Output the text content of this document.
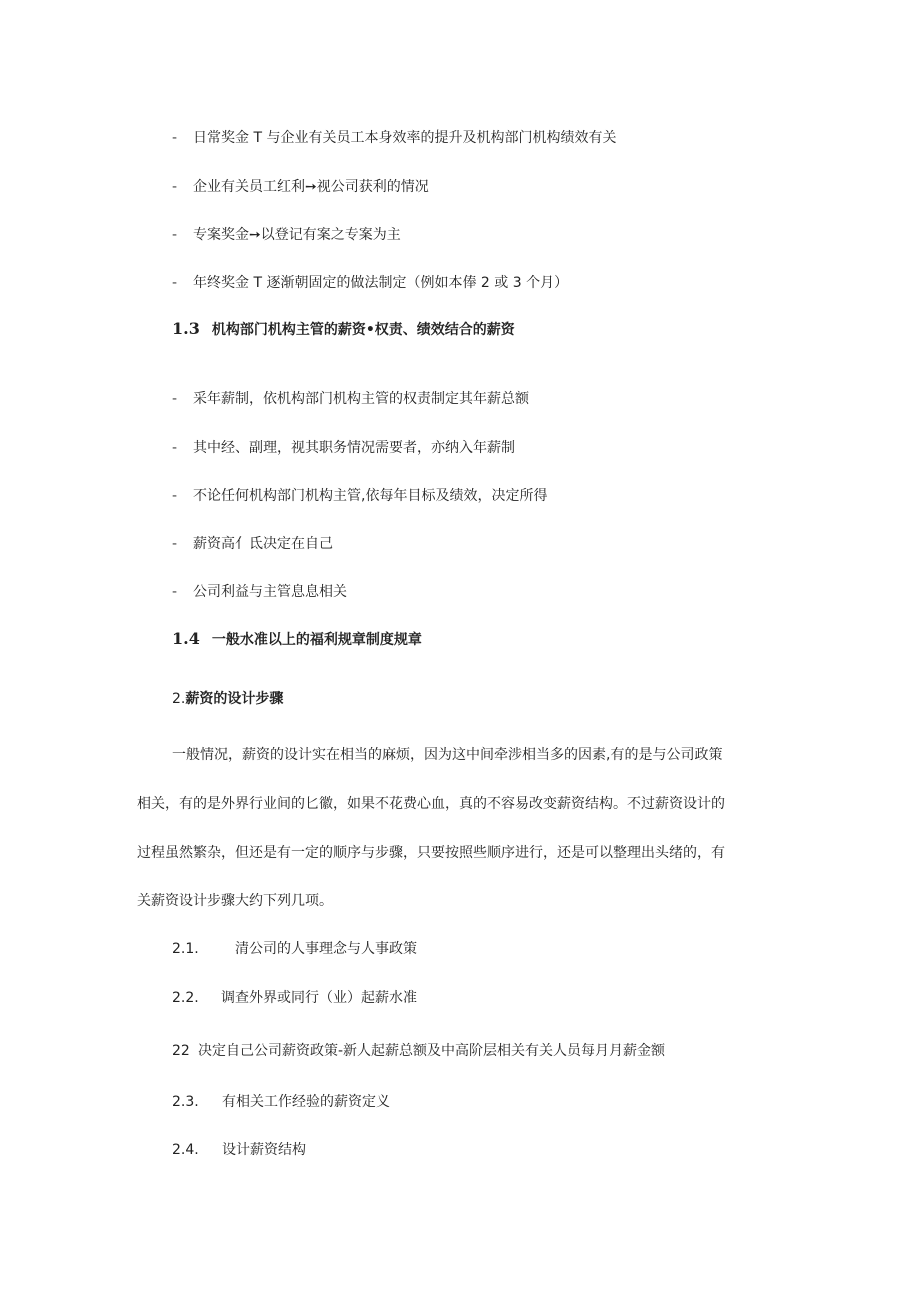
- 日常奖金 T 与企业有关员工本身效率的提升及机构部门机构绩效有关
- 企业有关员工红利➙视公司获利的情况
- 专案奖金➙以登记有案之专案为主
- 年终奖金 T 逐渐朝固定的做法制定（例如本俸 2 或 3 个月）
1.3 机构部门机构主管的薪资•权责、绩效结合的薪资
- 采年薪制，依机构部门机构主管的权责制定其年薪总额
- 其中经、副理，视其职务情况需要者，亦纳入年薪制
- 不论任何机构部门机构主管,依每年目标及绩效，决定所得
- 薪资高亻氐决定在自己
- 公司利益与主管息息相关
1.4 一般水准以上的福利规章制度规章
2.薪资的设计步骤
一般情况，薪资的设计实在相当的麻烦，因为这中间牵涉相当多的因素,有的是与公司政策
相关，有的是外界行业间的匕徽，如果不花费心血，真的不容易改变薪资结构。不过薪资设计的
过程虽然繁杂，但还是有一定的顺序与步骤，只要按照些顺序进行，还是可以整理出头绪的，有
关薪资设计步骤大约下列几项。
2.1.	清公司的人事理念与人事政策
2.2. 调查外界或同行（业）起薪水准
22 决定自己公司薪资政策-新人起薪总额及中高阶层相关有关人员每月月薪金额
2.3. 有相关工作经验的薪资定义
2.4. 设计薪资结构
